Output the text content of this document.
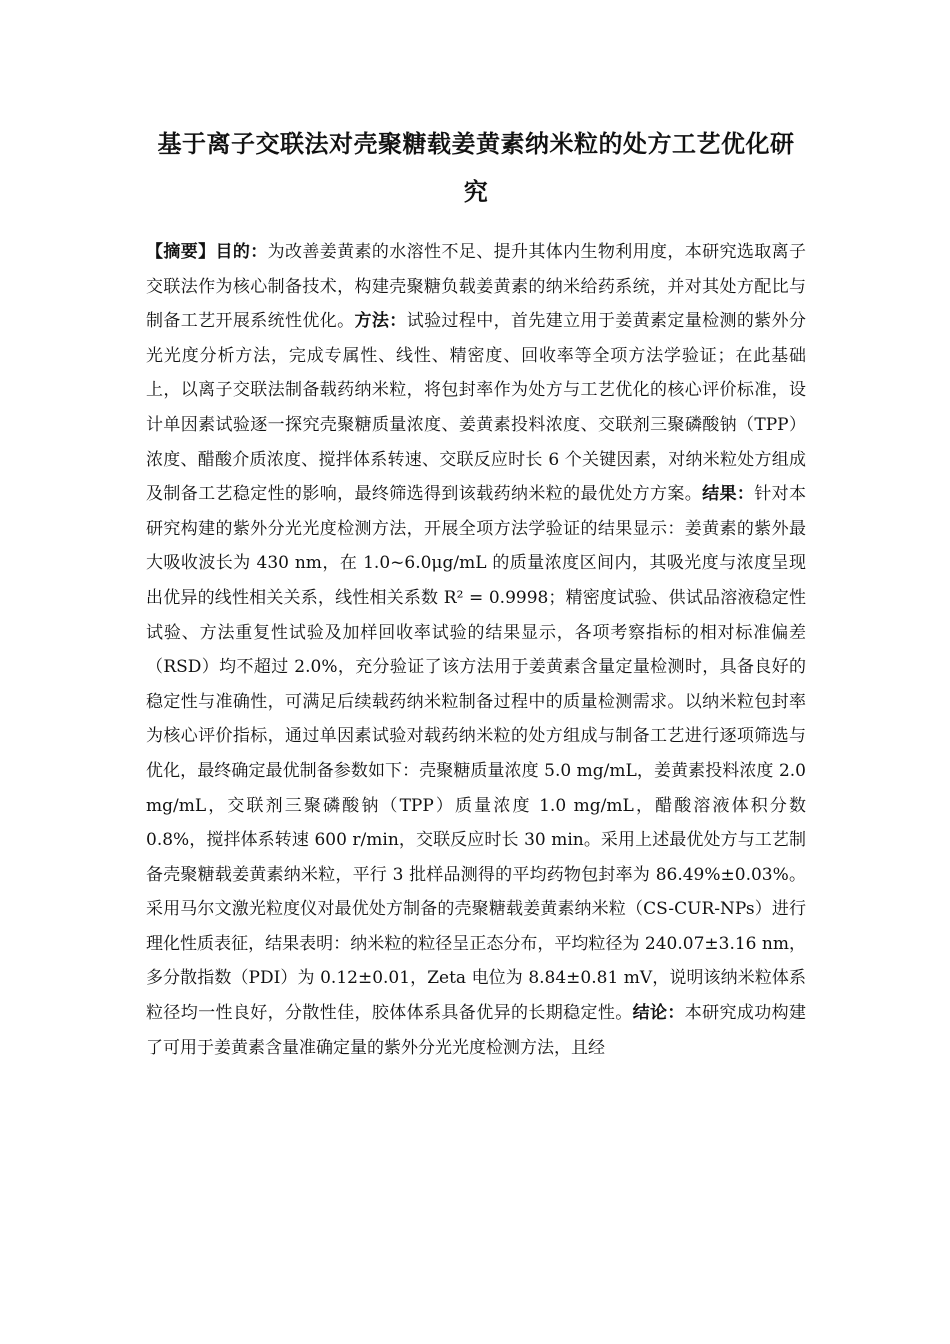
基于离子交联法对壳聚糖载姜黄素纳米粒的处方工艺优化研究

【摘要】目的：为改善姜黄素的水溶性不足、提升其体内生物利用度，本研究选取离子交联法作为核心制备技术，构建壳聚糖负载姜黄素的纳米给药系统，并对其处方配比与制备工艺开展系统性优化。方法：试验过程中，首先建立用于姜黄素定量检测的紫外分光光度分析方法，完成专属性、线性、精密度、回收率等全项方法学验证；在此基础上，以离子交联法制备载药纳米粒，将包封率作为处方与工艺优化的核心评价标准，设计单因素试验逐一探究壳聚糖质量浓度、姜黄素投料浓度、交联剂三聚磷酸钠（TPP）浓度、醋酸介质浓度、搅拌体系转速、交联反应时长 6 个关键因素，对纳米粒处方组成及制备工艺稳定性的影响，最终筛选得到该载药纳米粒的最优处方方案。结果：针对本研究构建的紫外分光光度检测方法，开展全项方法学验证的结果显示：姜黄素的紫外最大吸收波长为 430 nm，在 1.0~6.0μg/mL 的质量浓度区间内，其吸光度与浓度呈现出优异的线性相关关系，线性相关系数 R² = 0.9998；精密度试验、供试品溶液稳定性试验、方法重复性试验及加样回收率试验的结果显示，各项考察指标的相对标准偏差（RSD）均不超过 2.0%，充分验证了该方法用于姜黄素含量定量检测时，具备良好的稳定性与准确性，可满足后续载药纳米粒制备过程中的质量检测需求。以纳米粒包封率为核心评价指标，通过单因素试验对载药纳米粒的处方组成与制备工艺进行逐项筛选与优化，最终确定最优制备参数如下：壳聚糖质量浓度 5.0 mg/mL，姜黄素投料浓度 2.0 mg/mL，交联剂三聚磷酸钠（TPP）质量浓度 1.0 mg/mL，醋酸溶液体积分数 0.8%，搅拌体系转速 600 r/min，交联反应时长 30 min。采用上述最优处方与工艺制备壳聚糖载姜黄素纳米粒，平行 3 批样品测得的平均药物包封率为 86.49%±0.03%。采用马尔文激光粒度仪对最优处方制备的壳聚糖载姜黄素纳米粒（CS-CUR-NPs）进行理化性质表征，结果表明：纳米粒的粒径呈正态分布，平均粒径为 240.07±3.16 nm，多分散指数（PDI）为 0.12±0.01，Zeta 电位为 8.84±0.81 mV，说明该纳米粒体系粒径均一性良好，分散性佳，胶体体系具备优异的长期稳定性。结论：本研究成功构建了可用于姜黄素含量准确定量的紫外分光光度检测方法，且经
